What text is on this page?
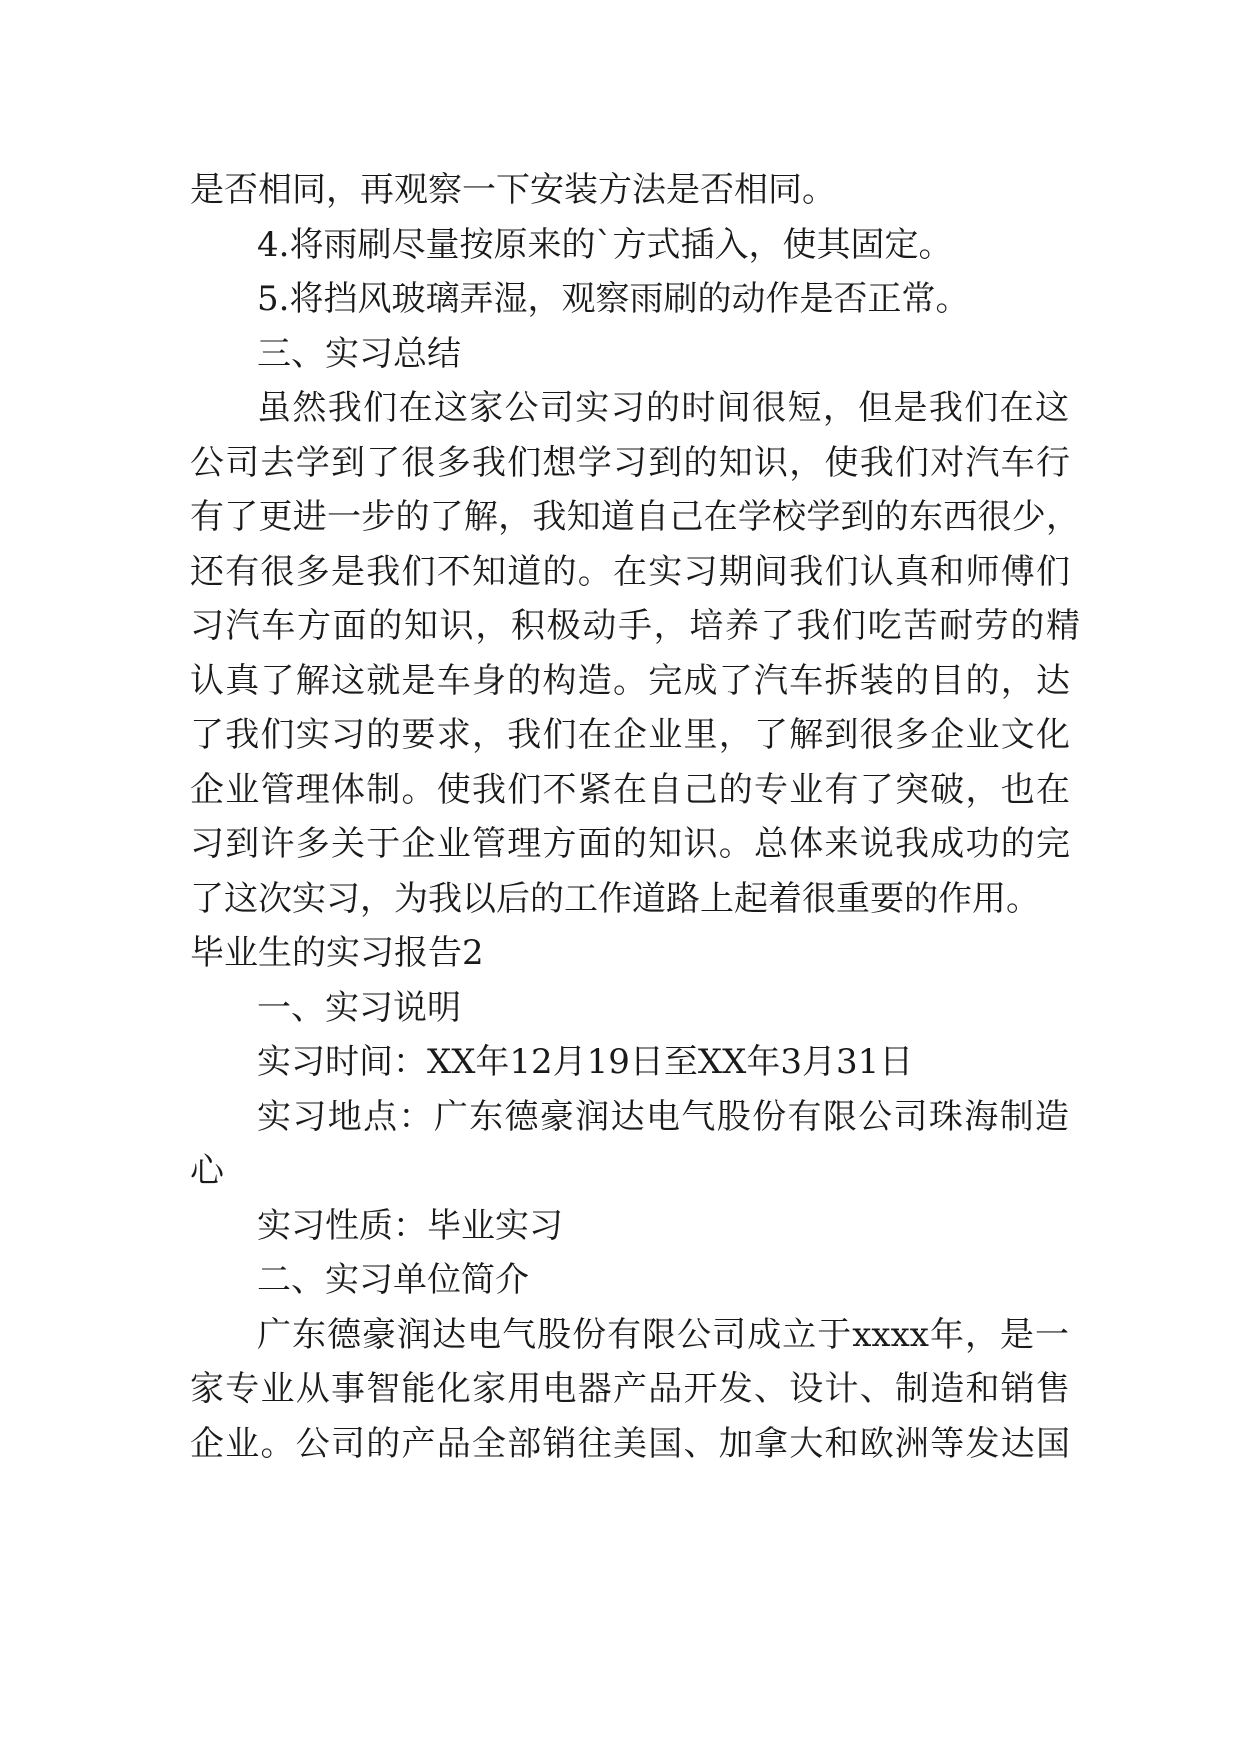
是否相同，再观察一下安装方法是否相同。

4.将雨刷尽量按原来的`方式插入，使其固定。

5.将挡风玻璃弄湿，观察雨刷的动作是否正常。

三、实习总结

虽然我们在这家公司实习的时间很短，但是我们在这

公司去学到了很多我们想学习到的知识，使我们对汽车行

有了更进一步的了解，我知道自己在学校学到的东西很少，

还有很多是我们不知道的。在实习期间我们认真和师傅们

习汽车方面的知识，积极动手，培养了我们吃苦耐劳的精

认真了解这就是车身的构造。完成了汽车拆装的目的，达

了我们实习的要求，我们在企业里，了解到很多企业文化

企业管理体制。使我们不紧在自己的专业有了突破，也在

习到许多关于企业管理方面的知识。总体来说我成功的完

了这次实习，为我以后的工作道路上起着很重要的作用。

毕业生的实习报告2

一、实习说明

实习时间：XX年12月19日至XX年3月31日

实习地点：广东德豪润达电气股份有限公司珠海制造

心

实习性质：毕业实习

二、实习单位简介

广东德豪润达电气股份有限公司成立于xxxx年，是一

家专业从事智能化家用电器产品开发、设计、制造和销售

企业。公司的产品全部销往美国、加拿大和欧洲等发达国
